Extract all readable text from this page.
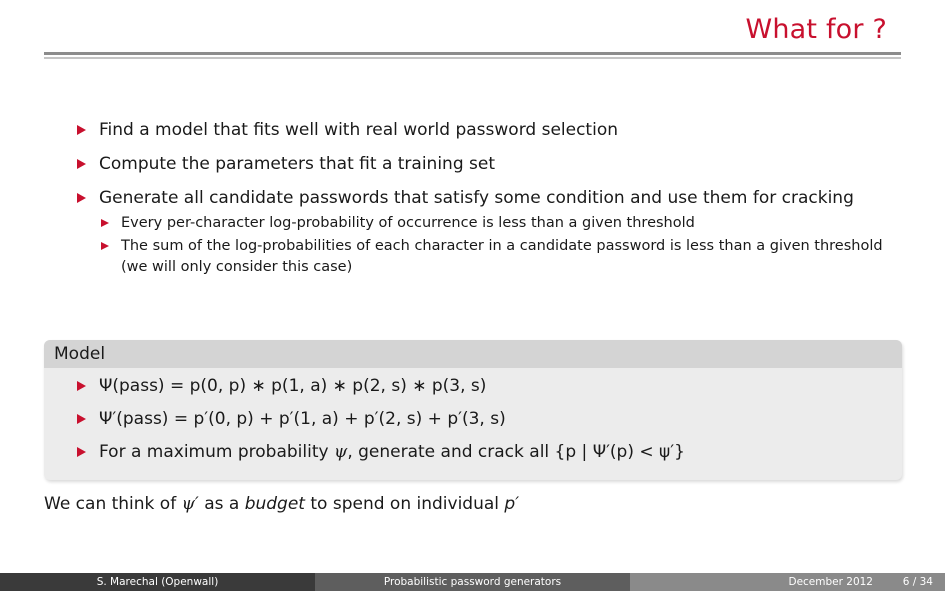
What for ?
Find a model that fits well with real world password selection
Compute the parameters that fit a training set
Generate all candidate passwords that satisfy some condition and use them for cracking
Every per-character log-probability of occurrence is less than a given threshold
The sum of the log-probabilities of each character in a candidate password is less than a given threshold (we will only consider this case)
Model
Ψ(pass) = p(0, p) ∗ p(1, a) ∗ p(2, s) ∗ p(3, s)
Ψ′(pass) = p′(0, p) + p′(1, a) + p′(2, s) + p′(3, s)
For a maximum probability ψ, generate and crack all {p | Ψ′(p) < ψ′}
We can think of ψ′ as a budget to spend on individual p′
S. Marechal (Openwall)	Probabilistic password generators	December 2012	6 / 34
